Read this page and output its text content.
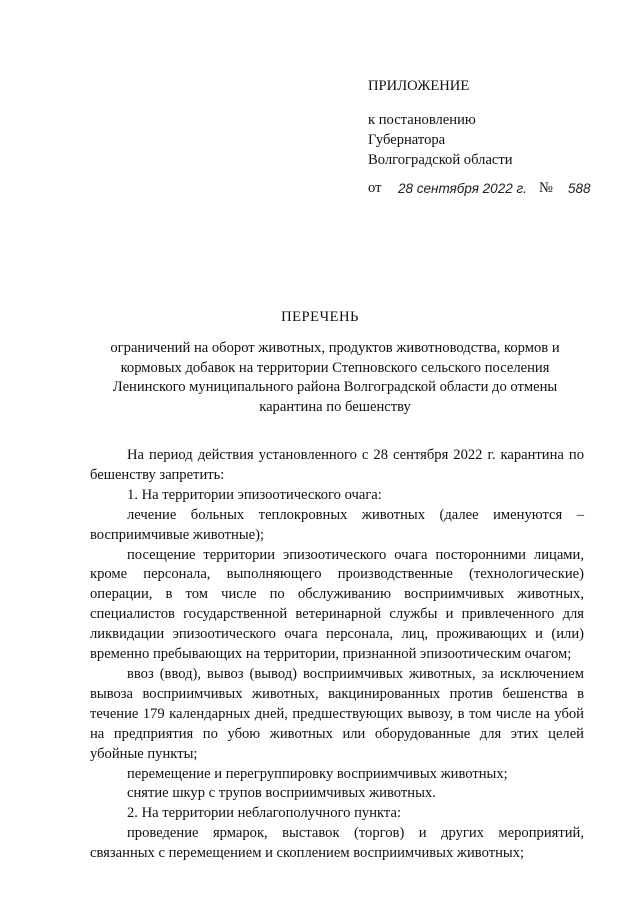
ПРИЛОЖЕНИЕ
к постановлению
Губернатора
Волгоградской области
от 28 сентября 2022 г. № 588
ПЕРЕЧЕНЬ
ограничений на оборот животных, продуктов животноводства, кормов и кормовых добавок на территории Степновского сельского поселения Ленинского муниципального района Волгоградской области до отмены карантина по бешенству

На период действия установленного с 28 сентября 2022 г. карантина по бешенству запретить:

1. На территории эпизоотического очага:

лечение больных теплокровных животных (далее именуются – восприимчивые животные);

посещение территории эпизоотического очага посторонними лицами, кроме персонала, выполняющего производственные (технологические) операции, в том числе по обслуживанию восприимчивых животных, специалистов государственной ветеринарной службы и привлеченного для ликвидации эпизоотического очага персонала, лиц, проживающих и (или) временно пребывающих на территории, признанной эпизоотическим очагом;

ввоз (ввод), вывоз (вывод) восприимчивых животных, за исключением вывоза восприимчивых животных, вакцинированных против бешенства в течение 179 календарных дней, предшествующих вывозу, в том числе на убой на предприятия по убою животных или оборудованные для этих целей убойные пункты;

перемещение и перегруппировку восприимчивых животных;

снятие шкур с трупов восприимчивых животных.

2. На территории неблагополучного пункта:

проведение ярмарок, выставок (торгов) и других мероприятий, связанных с перемещением и скоплением восприимчивых животных;
